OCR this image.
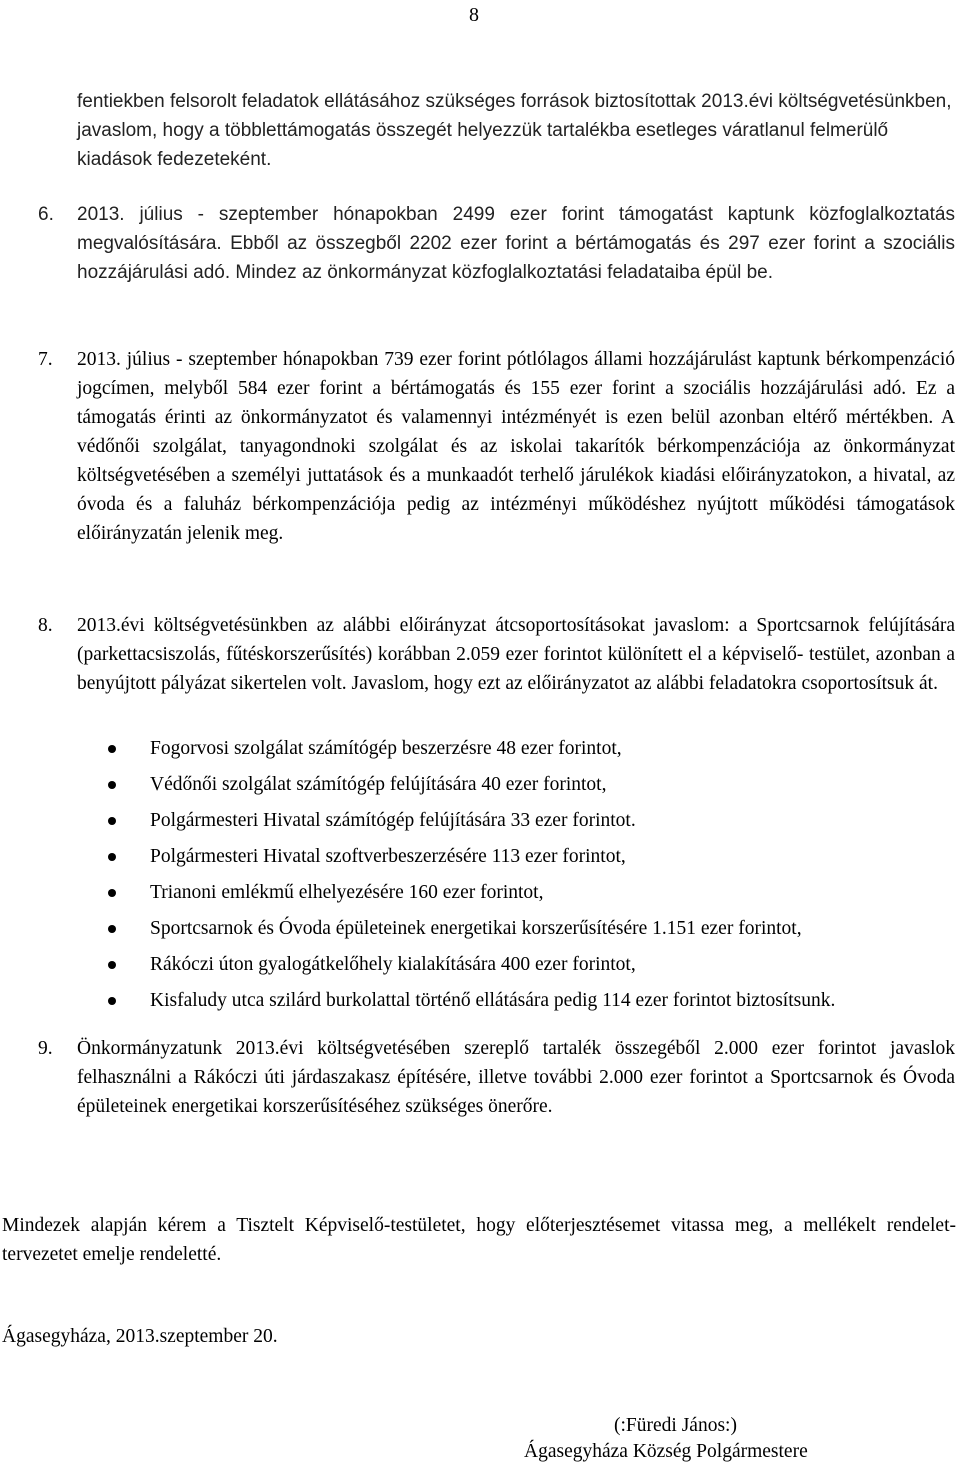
8
fentiekben felsorolt feladatok ellátásához szükséges források biztosítottak 2013.évi költségvetésünkben, javaslom, hogy a többlettámogatás összegét helyezzük tartalékba esetleges váratlanul felmerülő kiadások fedezeteként.
6. 2013. július - szeptember hónapokban 2499 ezer forint támogatást kaptunk közfoglalkoztatás megvalósítására. Ebből az összegből 2202 ezer forint a bértámogatás és 297 ezer forint a szociális hozzájárulási adó. Mindez az önkormányzat közfoglalkoztatási feladataiba épül be.
7. 2013. július - szeptember hónapokban 739 ezer forint pótlólagos állami hozzájárulást kaptunk bérkompenzáció jogcímen, melyből 584 ezer forint a bértámogatás és 155 ezer forint a szociális hozzájárulási adó. Ez a támogatás érinti az önkormányzatot és valamennyi intézményét is ezen belül azonban eltérő mértékben. A védőnői szolgálat, tanyagondnoki szolgálat és az iskolai takarítók bérkompenzációja az önkormányzat költségvetésében a személyi juttatások és a munkaadót terhelő járulékok kiadási előirányzatokon, a hivatal, az óvoda és a faluház bérkompenzációja pedig az intézményi működéshez nyújtott működési támogatások előirányzatán jelenik meg.
8. 2013.évi költségvetésünkben az alábbi előirányzat átcsoportosításokat javaslom: a Sportcsarnok felújítására (parkettacsiszolás, fűtéskorszerűsítés) korábban 2.059 ezer forintot különített el a képviselő- testület, azonban a benyújtott pályázat sikertelen volt. Javaslom, hogy ezt az előirányzatot az alábbi feladatokra csoportosítsuk át.
Fogorvosi szolgálat számítógép beszerzésre 48 ezer forintot,
Védőnői szolgálat számítógép felújítására 40 ezer forintot,
Polgármesteri Hivatal számítógép felújítására 33 ezer forintot.
Polgármesteri Hivatal szoftverbeszerzésére 113 ezer forintot,
Trianoni emlékmű elhelyezésére 160 ezer forintot,
Sportcsarnok és Óvoda épületeinek energetikai korszerűsítésére 1.151 ezer forintot,
Rákóczi úton gyalogátkelőhely kialakítására 400 ezer forintot,
Kisfaludy utca szilárd burkolattal történő ellátására pedig 114 ezer forintot biztosítsunk.
9. Önkormányzatunk 2013.évi költségvetésében szereplő tartalék összegéből 2.000 ezer forintot javaslok felhasználni a Rákóczi úti járdaszakasz építésére, illetve további 2.000 ezer forintot a Sportcsarnok és Óvoda épületeinek energetikai korszerűsítéséhez szükséges önerőre.
Mindezek alapján kérem a Tisztelt Képviselő-testületet, hogy előterjesztésemet vitassa meg, a mellékelt rendelet-tervezetet emelje rendeletté.
Ágasegyháza, 2013.szeptember 20.
(:Füredi János:)
Ágasegyháza Község Polgármestere
